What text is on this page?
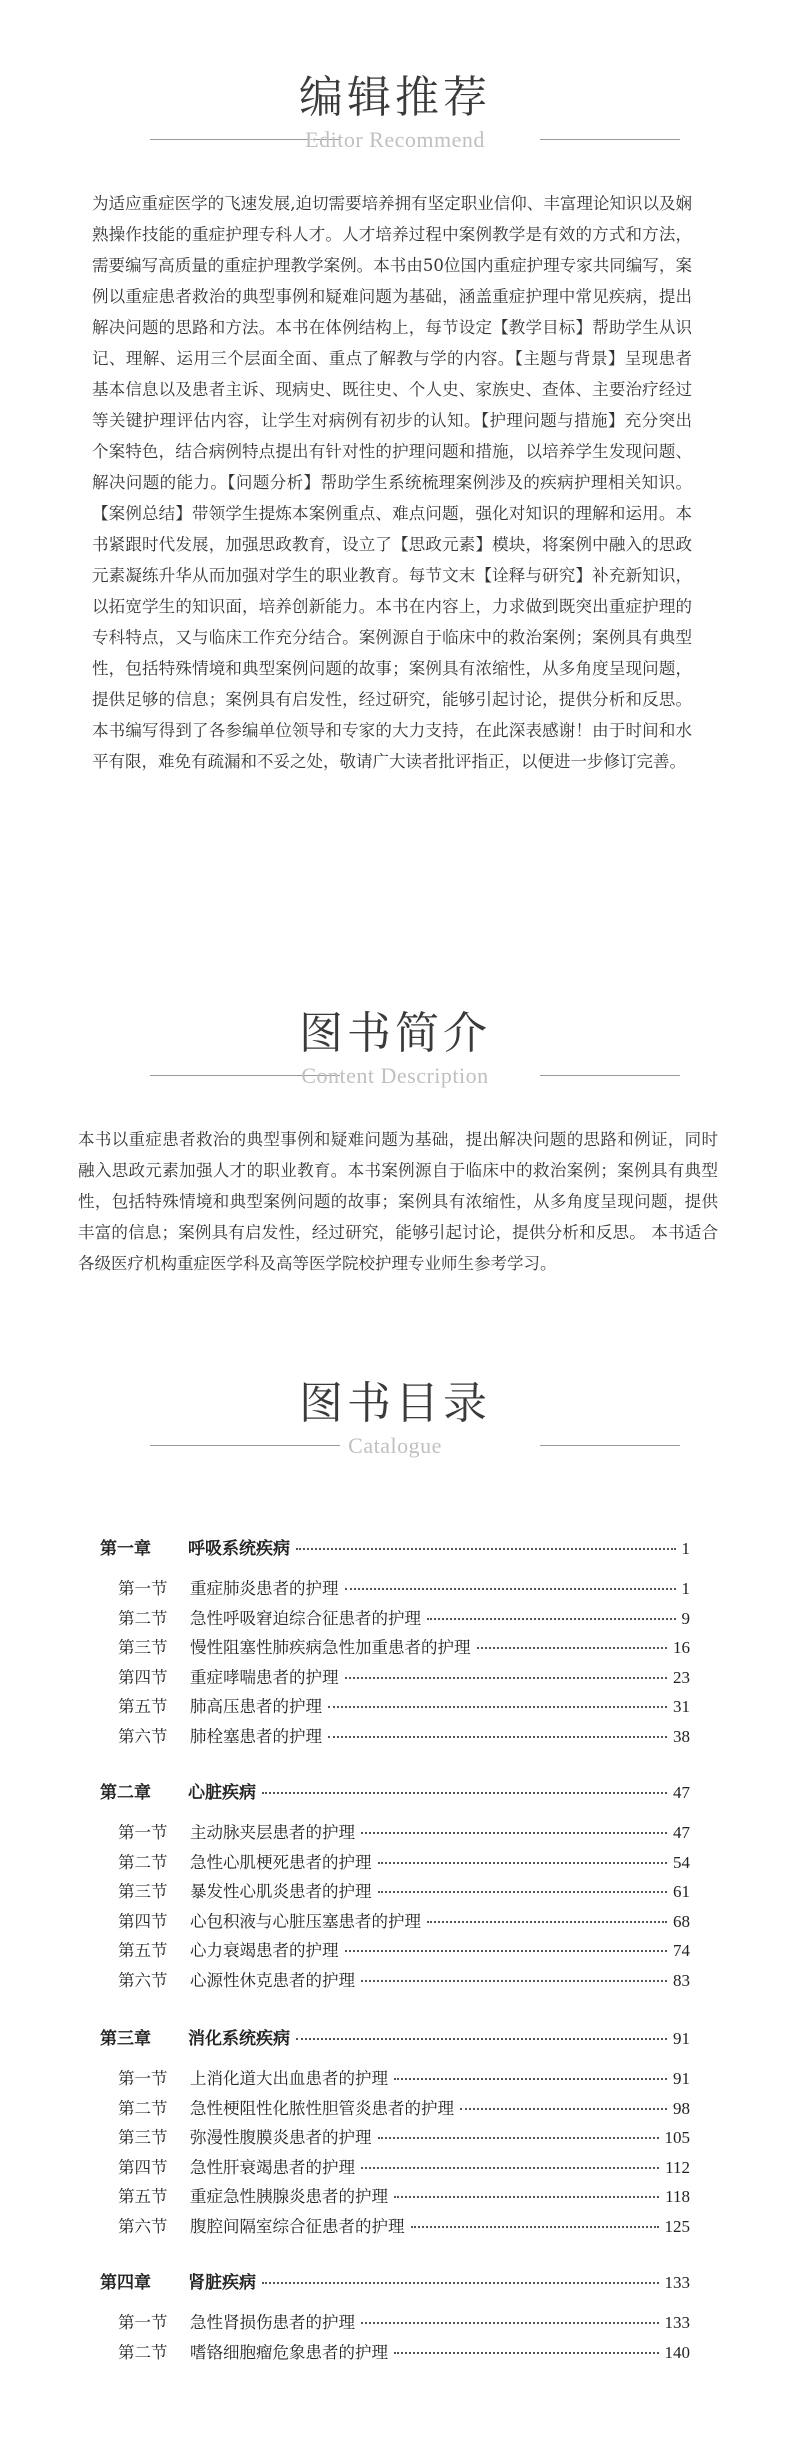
编辑推荐
Editor Recommend

为适应重症医学的飞速发展,迫切需要培养拥有坚定职业信仰、丰富理论知识以及娴熟操作技能的重症护理专科人才。人才培养过程中案例教学是有效的方式和方法，需要编写高质量的重症护理教学案例。本书由50位国内重症护理专家共同编写，案例以重症患者救治的典型事例和疑难问题为基础，涵盖重症护理中常见疾病，提出解决问题的思路和方法。本书在体例结构上，每节设定【教学目标】帮助学生从识记、理解、运用三个层面全面、重点了解教与学的内容。【主题与背景】呈现患者基本信息以及患者主诉、现病史、既往史、个人史、家族史、查体、主要治疗经过等关键护理评估内容，让学生对病例有初步的认知。【护理问题与措施】充分突出个案特色，结合病例特点提出有针对性的护理问题和措施，以培养学生发现问题、解决问题的能力。【问题分析】帮助学生系统梳理案例涉及的疾病护理相关知识。【案例总结】带领学生提炼本案例重点、难点问题，强化对知识的理解和运用。本书紧跟时代发展，加强思政教育，设立了【思政元素】模块，将案例中融入的思政元素凝练升华从而加强对学生的职业教育。每节文末【诠释与研究】补充新知识，以拓宽学生的知识面，培养创新能力。本书在内容上，力求做到既突出重症护理的专科特点，又与临床工作充分结合。案例源自于临床中的救治案例；案例具有典型性，包括特殊情境和典型案例问题的故事；案例具有浓缩性，从多角度呈现问题，提供足够的信息；案例具有启发性，经过研究，能够引起讨论，提供分析和反思。本书编写得到了各参编单位领导和专家的大力支持，在此深表感谢！由于时间和水平有限，难免有疏漏和不妥之处，敬请广大读者批评指正，以便进一步修订完善。

图书简介
Content Description

本书以重症患者救治的典型事例和疑难问题为基础，提出解决问题的思路和例证，同时融入思政元素加强人才的职业教育。本书案例源自于临床中的救治案例；案例具有典型性，包括特殊情境和典型案例问题的故事；案例具有浓缩性，从多角度呈现问题，提供丰富的信息；案例具有启发性，经过研究，能够引起讨论，提供分析和反思。 本书适合各级医疗机构重症医学科及高等医学院校护理专业师生参考学习。

图书目录
Catalogue
第一章	呼吸系统疾病	1
第一节	重症肺炎患者的护理	1
第二节	急性呼吸窘迫综合征患者的护理	9
第三节	慢性阻塞性肺疾病急性加重患者的护理	16
第四节	重症哮喘患者的护理	23
第五节	肺高压患者的护理	31
第六节	肺栓塞患者的护理	38
第二章	心脏疾病	47
第一节	主动脉夹层患者的护理	47
第二节	急性心肌梗死患者的护理	54
第三节	暴发性心肌炎患者的护理	61
第四节	心包积液与心脏压塞患者的护理	68
第五节	心力衰竭患者的护理	74
第六节	心源性休克患者的护理	83
第三章	消化系统疾病	91
第一节	上消化道大出血患者的护理	91
第二节	急性梗阻性化脓性胆管炎患者的护理	98
第三节	弥漫性腹膜炎患者的护理	105
第四节	急性肝衰竭患者的护理	112
第五节	重症急性胰腺炎患者的护理	118
第六节	腹腔间隔室综合征患者的护理	125
第四章	肾脏疾病	133
第一节	急性肾损伤患者的护理	133
第二节	嗜铬细胞瘤危象患者的护理	140
